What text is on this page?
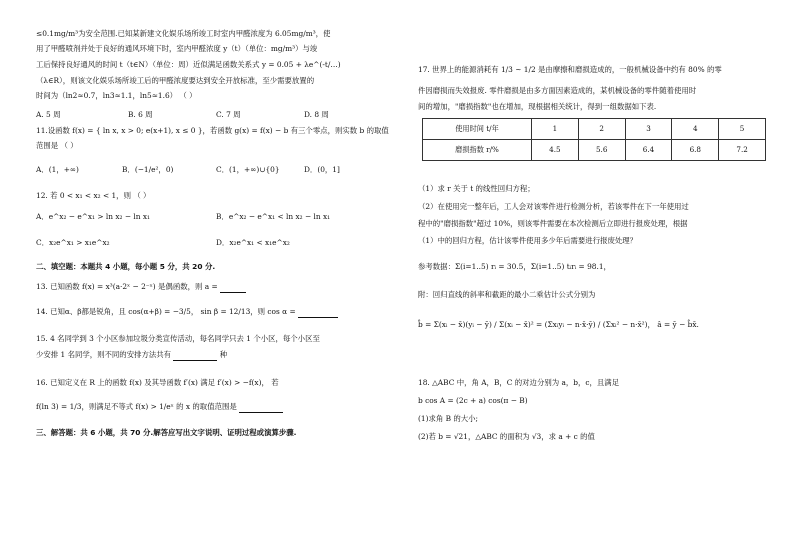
≤0.1mg/m³为安全范围.已知某新建文化娱乐场所竣工时室内甲醛浓度为 6.05mg/m³，使
用了甲醛喷剂并处于良好的通风环境下时，室内甲醛浓度 y（t）（单位：mg/m³）与竣
工后保持良好通风的时间 t（t∈N）（单位：周）近似满足函数关系式 y = 0.05 + λe^(-t/…)
（λ∈R），则该文化娱乐场所竣工后的甲醛浓度要达到安全开放标准，至少需要放置的
时间为（ln2≈0.7，ln3≈1.1，ln5≈1.6） （ ）
A. 5 周	B. 6 周	C. 7 周	D. 8 周
11.设函数 f(x) = { ln x, x > 0; e(x+1), x ≤ 0 }，若函数 g(x) = f(x) − b 有三个零点，则实数 b 的取值
范围是 （ ）
A．(1，+∞)	B．(−1/e²，0)	C．(1，+∞)∪{0}	D．(0，1]
12. 若 0 < x₁ < x₂ < 1，则 （ ）
A．e^x₂ − e^x₁ > ln x₂ − ln x₁	B．e^x₂ − e^x₁ < ln x₂ − ln x₁
C．x₂e^x₁ > x₁e^x₂	D．x₂e^x₁ < x₁e^x₂
二、填空题：本题共 4 小题，每小题 5 分，共 20 分.
13. 已知函数 f(x) = x³(a·2ˣ − 2⁻ˣ) 是偶函数，则 a =
14. 已知α、β都是锐角，且 cos(α+β) = −3/5， sin β = 12/13，则 cos α =
15. 4 名同学到 3 个小区参加垃圾分类宣传活动，每名同学只去 1 个小区，每个小区至
少安排 1 名同学，则不同的安排方法共有	种
16. 已知定义在 R 上的函数 f(x) 及其导函数 f′(x) 满足 f′(x) > −f(x)， 若
f(ln 3) = 1/3，则满足不等式 f(x) > 1/eˣ 的 x 的取值范围是
三、解答题：共 6 小题，共 70 分.解答应写出文字说明、证明过程或演算步骤.
17. 世界上的能源消耗有 1/3 ~ 1/2 是由摩擦和磨损造成的，一般机械设备中约有 80% 的零
件因磨损而失效报废. 零件磨损是由多方面因素造成的，某机械设备的零件随着使用时
间的增加，"磨损指数"也在增加，现根据相关统计，得到一组数据如下表.
使用时间 t/年	1	2	3	4	5
磨损指数 r/%	4.5	5.6	6.4	6.8	7.2
（1）求 r 关于 t 的线性回归方程；
（2）在使用完一整年后，工人会对该零件进行检测分析，若该零件在下一年使用过
程中的"磨损指数"超过 10%，则该零件需要在本次检测后立即进行报废处理，根据
（1）中的回归方程，估计该零件使用多少年后需要进行报废处理？
参考数据：Σ(i=1..5) rᵢ = 30.5，Σ(i=1..5) tᵢrᵢ = 98.1，
附：回归直线的斜率和截距的最小二乘估计公式分别为
b̂ = Σ(xᵢ − x̄)(yᵢ − ȳ) / Σ(xᵢ − x̄)² = (Σxᵢyᵢ − n·x̄·ȳ) / (Σxᵢ² − n·x̄²)， â = ȳ − b̂x̄.
18. △ABC 中，角 A，B，C 的对边分别为 a，b，c，且满足
b cos A = (2c + a) cos(π − B)
(1)求角 B 的大小;
(2)若 b = √21，△ABC 的面积为 √3，求 a + c 的值
